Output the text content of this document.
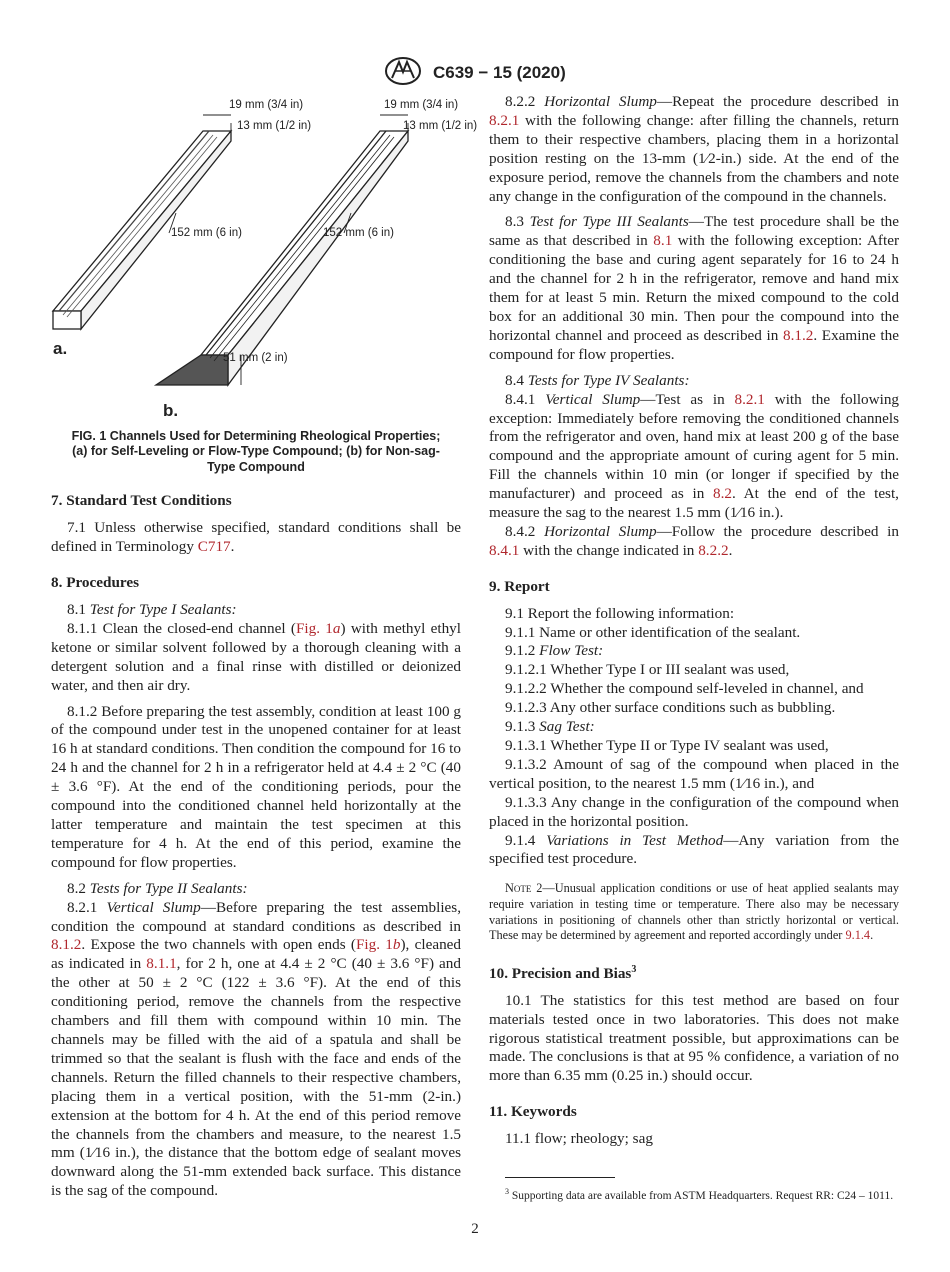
C639 − 15 (2020)
19 mm (3/4 in)
13 mm (1/2 in)
19 mm (3/4 in)
13 mm (1/2 in)
152 mm (6 in)	152 mm (6 in)
51 mm (2 in)
a.
b.

FIG. 1 Channels Used for Determining Rheological Properties;
(a) for Self-Leveling or Flow-Type Compound; (b) for Non-sag-
Type Compound

7. Standard Test Conditions

7.1 Unless otherwise specified, standard conditions shall be defined in Terminology C717.

8. Procedures

8.1 Test for Type I Sealants:

8.1.1 Clean the closed-end channel (Fig. 1a) with methyl ethyl ketone or similar solvent followed by a thorough cleaning with a detergent solution and a final rinse with distilled or deionized water, and then air dry.

8.1.2 Before preparing the test assembly, condition at least 100 g of the compound under test in the unopened container for at least 16 h at standard conditions. Then condition the compound for 16 to 24 h and the channel for 2 h in a refrigerator held at 4.4 ± 2 °C (40 ± 3.6 °F). At the end of the conditioning periods, pour the compound into the conditioned channel held horizontally at the latter temperature and maintain the test specimen at this temperature for 4 h. At the end of this period, examine the compound for flow properties.

8.2 Tests for Type II Sealants:

8.2.1 Vertical Slump—Before preparing the test assemblies, condition the compound at standard conditions as described in 8.1.2. Expose the two channels with open ends (Fig. 1b), cleaned as indicated in 8.1.1, for 2 h, one at 4.4 ± 2 °C (40 ± 3.6 °F) and the other at 50 ± 2 °C (122 ± 3.6 °F). At the end of this conditioning period, remove the channels from the respective chambers and fill them with compound within 10 min. The channels may be filled with the aid of a spatula and shall be trimmed so that the sealant is flush with the face and ends of the channels. Return the filled channels to their respective chambers, placing them in a vertical position, with the 51-mm (2-in.) extension at the bottom for 4 h. At the end of this period remove the channels from the chambers and measure, to the nearest 1.5 mm (1⁄16 in.), the distance that the bottom edge of sealant moves downward along the 51-mm extended back surface. This distance is the sag of the compound.

8.2.2 Horizontal Slump—Repeat the procedure described in 8.2.1 with the following change: after filling the channels, return them to their respective chambers, placing them in a horizontal position resting on the 13-mm (1⁄2-in.) side. At the end of the exposure period, remove the channels from the chambers and note any change in the configuration of the compound in the channels.

8.3 Test for Type III Sealants—The test procedure shall be the same as that described in 8.1 with the following exception: After conditioning the base and curing agent separately for 16 to 24 h and the channel for 2 h in the refrigerator, remove and hand mix them for at least 5 min. Return the mixed compound to the cold box for an additional 30 min. Then pour the compound into the horizontal channel and proceed as described in 8.1.2. Examine the compound for flow properties.

8.4 Tests for Type IV Sealants:

8.4.1 Vertical Slump—Test as in 8.2.1 with the following exception: Immediately before removing the conditioned channels from the refrigerator and oven, hand mix at least 200 g of the base compound and the appropriate amount of curing agent for 5 min. Fill the channels within 10 min (or longer if specified by the manufacturer) and proceed as in 8.2. At the end of the test, measure the sag to the nearest 1.5 mm (1⁄16 in.).

8.4.2 Horizontal Slump—Follow the procedure described in 8.4.1 with the change indicated in 8.2.2.

9. Report

9.1 Report the following information:

9.1.1 Name or other identification of the sealant.

9.1.2 Flow Test:

9.1.2.1 Whether Type I or III sealant was used,

9.1.2.2 Whether the compound self-leveled in channel, and

9.1.2.3 Any other surface conditions such as bubbling.

9.1.3 Sag Test:

9.1.3.1 Whether Type II or Type IV sealant was used,

9.1.3.2 Amount of sag of the compound when placed in the vertical position, to the nearest 1.5 mm (1⁄16 in.), and

9.1.3.3 Any change in the configuration of the compound when placed in the horizontal position.

9.1.4 Variations in Test Method—Any variation from the specified test procedure.

Note 2—Unusual application conditions or use of heat applied sealants may require variation in testing time or temperature. There also may be necessary variations in positioning of channels other than strictly horizontal or vertical. These may be determined by agreement and reported accordingly under 9.1.4.

10. Precision and Bias$^3$

10.1 The statistics for this test method are based on four materials tested once in two laboratories. This does not make rigorous statistical treatment possible, but approximations can be made. The conclusions is that at 95 % confidence, a variation of no more than 6.35 mm (0.25 in.) should occur.

11. Keywords

11.1 flow; rheology; sag

$^3$ Supporting data are available from ASTM Headquarters. Request RR: C24 – 1011.

2
